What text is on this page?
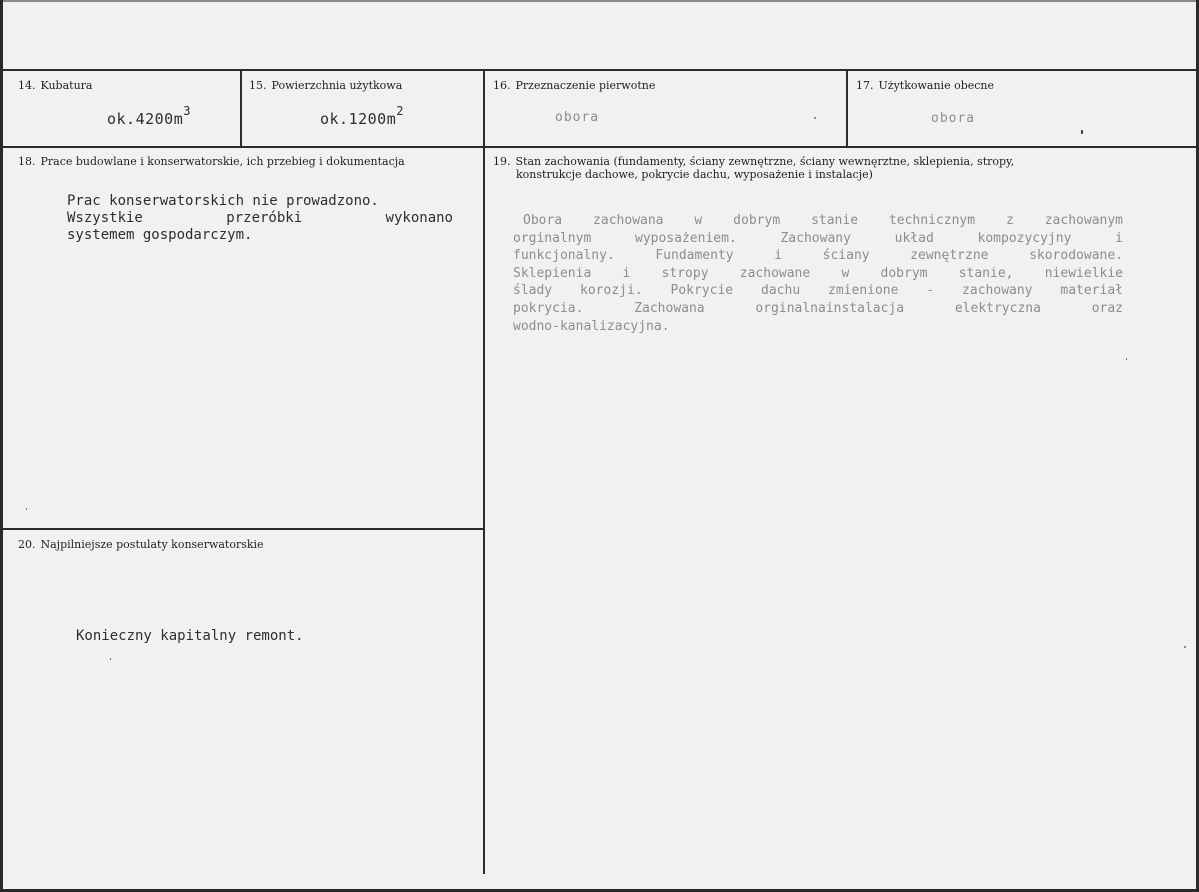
14. Kubatura
$ok.4200m^3$
15. Powierzchnia użytkowa
$ok.1200m^2$
16. Przeznaczenie pierwotne
obora
17. Użytkowanie obecne
obora
18. Prace budowlane i konserwatorskie, ich przebieg i dokumentacja
Prac konserwatorskich nie prowadzono.
Wszystkie przeróbki wykonano
systemem gospodarczym.
19. Stan zachowania (fundamenty, ściany zewnętrzne, ściany wewnęrztne, sklepienia, stropy,
konstrukcje dachowe, pokrycie dachu, wyposażenie i instalacje)
Obora zachowana w dobrym stanie technicznym z zachowanym
orginalnym wyposażeniem. Zachowany układ kompozycyjny i
funkcjonalny. Fundamenty i ściany zewnętrzne skorodowane.
Sklepienia i stropy zachowane w dobrym stanie, niewielkie
ślady korozji. Pokrycie dachu zmienione - zachowany materiał
pokrycia. Zachowana orginalnainstalacja elektryczna oraz
wodno-kanalizacyjna.
20. Najpilniejsze postulaty konserwatorskie
Konieczny kapitalny remont.
